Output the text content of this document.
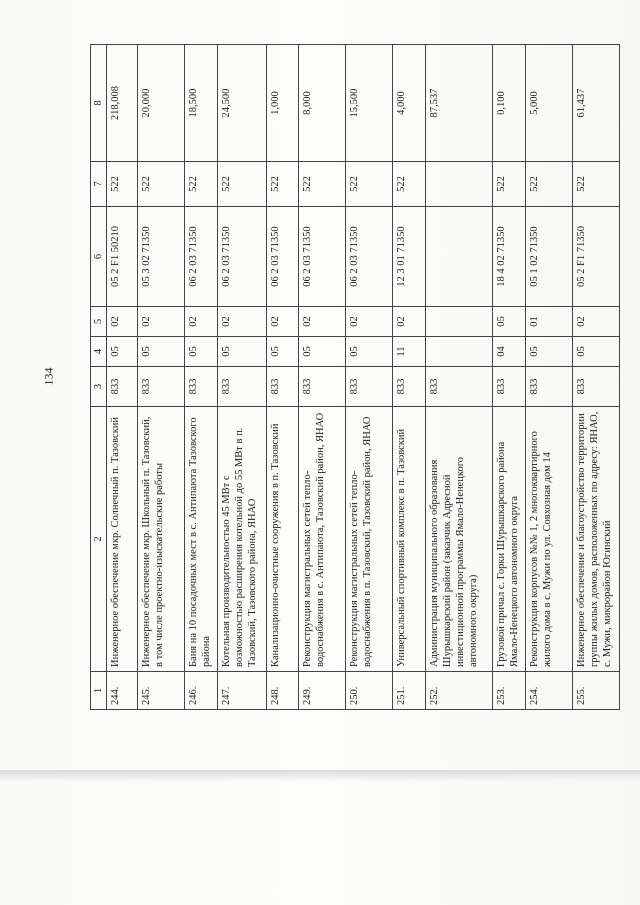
134
1	2	3	4	5	6	7	8
244.	Инженерное обеспечение мкр. Солнечный п. Тазовский	833	05	02	05 2 F1 50210	522	218,008
245.	Инженерное обеспечение мкр. Школьный п. Тазовский, в том числе проектно-изыскательские работы	833	05	02	05 3 02 71350	522	20,000
246.	Баня на 10 посадочных мест в с. Антипаюта Тазовского района	833	05	02	06 2 03 71350	522	18,500
247.	Котельная производительностью 45 МВт с возможностью расширения котельной до 55 МВт в п. Тазовский, Тазовского района, ЯНАО	833	05	02	06 2 03 71350	522	24,500
248.	Канализационно-очистные сооружения в п. Тазовский	833	05	02	06 2 03 71350	522	1,000
249.	Реконструкция магистральных сетей тепло-водоснабжения в с. Антипаюта, Тазовский район, ЯНАО	833	05	02	06 2 03 71350	522	8,000
250.	Реконструкция магистральных сетей тепло-водоснабжения в п. Тазовский, Тазовский район, ЯНАО	833	05	02	06 2 03 71350	522	15,500
251.	Универсальный спортивный комплекс в п. Тазовский	833	11	02	12 3 01 71350	522	4,000
252.	Администрация муниципального образования Шурышкарский район (заказчик Адресной инвестиционной программы Ямало-Ненецкого автономного округа)	833					87,537
253.	Грузовой причал с. Горки Шурышкарского района Ямало-Ненецкого автономного округа	833	04	05	18 4 02 71350	522	0,100
254.	Реконструкция корпусов №№ 1, 2 многоквартирного жилого дома в с. Мужи по ул. Совхозная дом 14	833	05	01	05 1 02 71350	522	5,000
255.	Инженерное обеспечение и благоустройство территории группы жилых домов, расположенных по адресу: ЯНАО, с. Мужи, микрорайон Югинский	833	05	02	05 2 F1 71350	522	61,437
